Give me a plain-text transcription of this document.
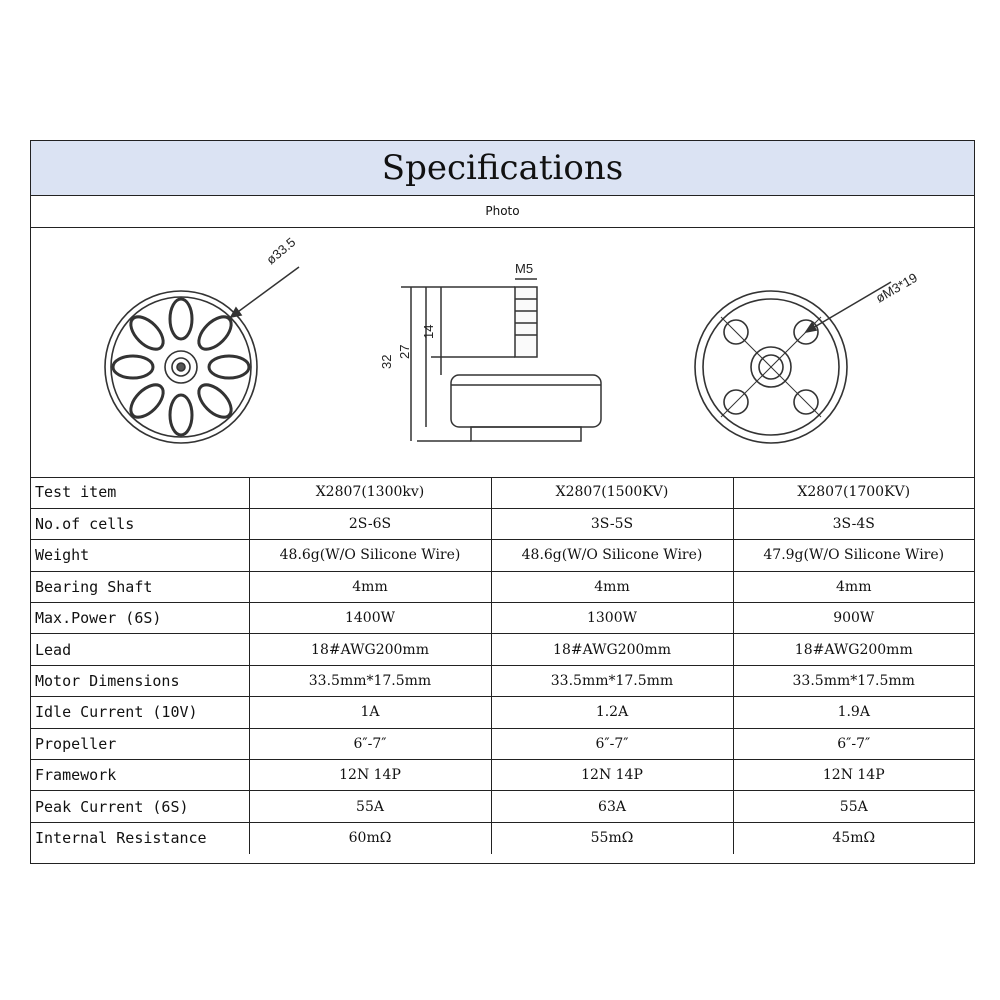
Specifications
Photo
ø33.5
M5
32
27
14
øM3*19
Test item	X2807(1300kv)	X2807(1500KV)	X2807(1700KV)
No.of cells	2S-6S	3S-5S	3S-4S
Weight	48.6g(W/O Silicone Wire)	48.6g(W/O Silicone Wire)	47.9g(W/O Silicone Wire)
Bearing Shaft	4mm	4mm	4mm
Max.Power (6S)	1400W	1300W	900W
Lead	18#AWG200mm	18#AWG200mm	18#AWG200mm
Motor Dimensions	33.5mm*17.5mm	33.5mm*17.5mm	33.5mm*17.5mm
Idle Current (10V)	1A	1.2A	1.9A
Propeller	6″-7″	6″-7″	6″-7″
Framework	12N 14P	12N 14P	12N 14P
Peak Current (6S)	55A	63A	55A
Internal Resistance	60mΩ	55mΩ	45mΩ
